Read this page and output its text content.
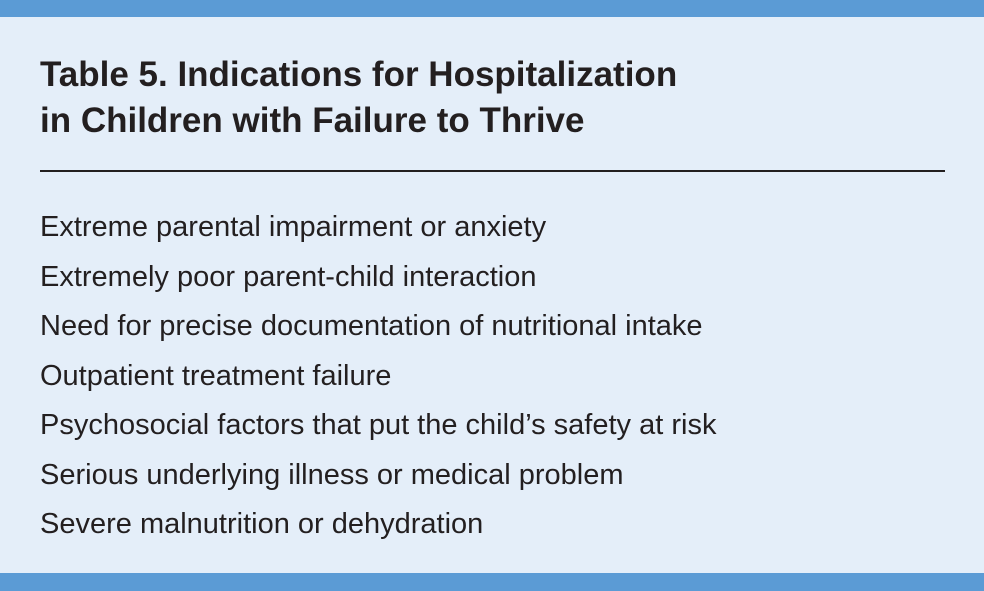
Table 5. Indications for Hospitalization
in Children with Failure to Thrive
Extreme parental impairment or anxiety
Extremely poor parent-child interaction
Need for precise documentation of nutritional intake
Outpatient treatment failure
Psychosocial factors that put the child’s safety at risk
Serious underlying illness or medical problem
Severe malnutrition or dehydration
